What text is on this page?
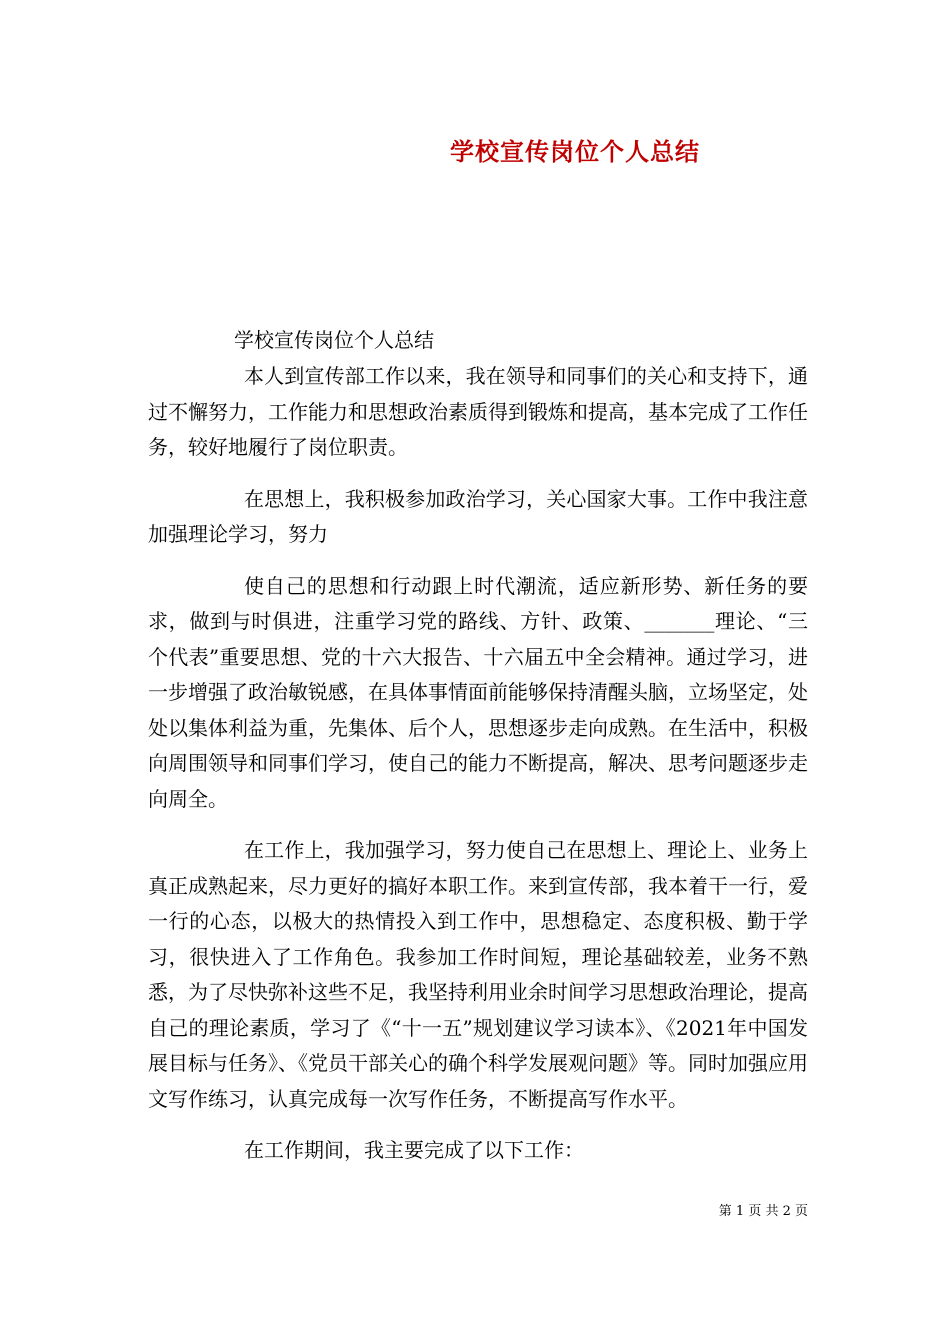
学校宣传岗位个人总结
学校宣传岗位个人总结

本人到宣传部工作以来，我在领导和同事们的关心和支持下，通过不懈努力，工作能力和思想政治素质得到锻炼和提高，基本完成了工作任务，较好地履行了岗位职责。

在思想上，我积极参加政治学习，关心国家大事。工作中我注意加强理论学习，努力

使自己的思想和行动跟上时代潮流，适应新形势、新任务的要求，做到与时俱进，注重学习党的路线、方针、政策、_______理论、“三个代表”重要思想、党的十六大报告、十六届五中全会精神。通过学习，进一步增强了政治敏锐感，在具体事情面前能够保持清醒头脑，立场坚定，处处以集体利益为重，先集体、后个人，思想逐步走向成熟。在生活中，积极向周围领导和同事们学习，使自己的能力不断提高，解决、思考问题逐步走向周全。

在工作上，我加强学习，努力使自己在思想上、理论上、业务上真正成熟起来，尽力更好的搞好本职工作。来到宣传部，我本着干一行，爱一行的心态，以极大的热情投入到工作中，思想稳定、态度积极、勤于学习，很快进入了工作角色。我参加工作时间短，理论基础较差，业务不熟悉，为了尽快弥补这些不足，我坚持利用业余时间学习思想政治理论，提高自己的理论素质，学习了《“十一五”规划建议学习读本》、《2021年中国发展目标与任务》、《党员干部关心的确个科学发展观问题》等。同时加强应用文写作练习，认真完成每一次写作任务，不断提高写作水平。

在工作期间，我主要完成了以下工作：

第 1 页 共 2 页
